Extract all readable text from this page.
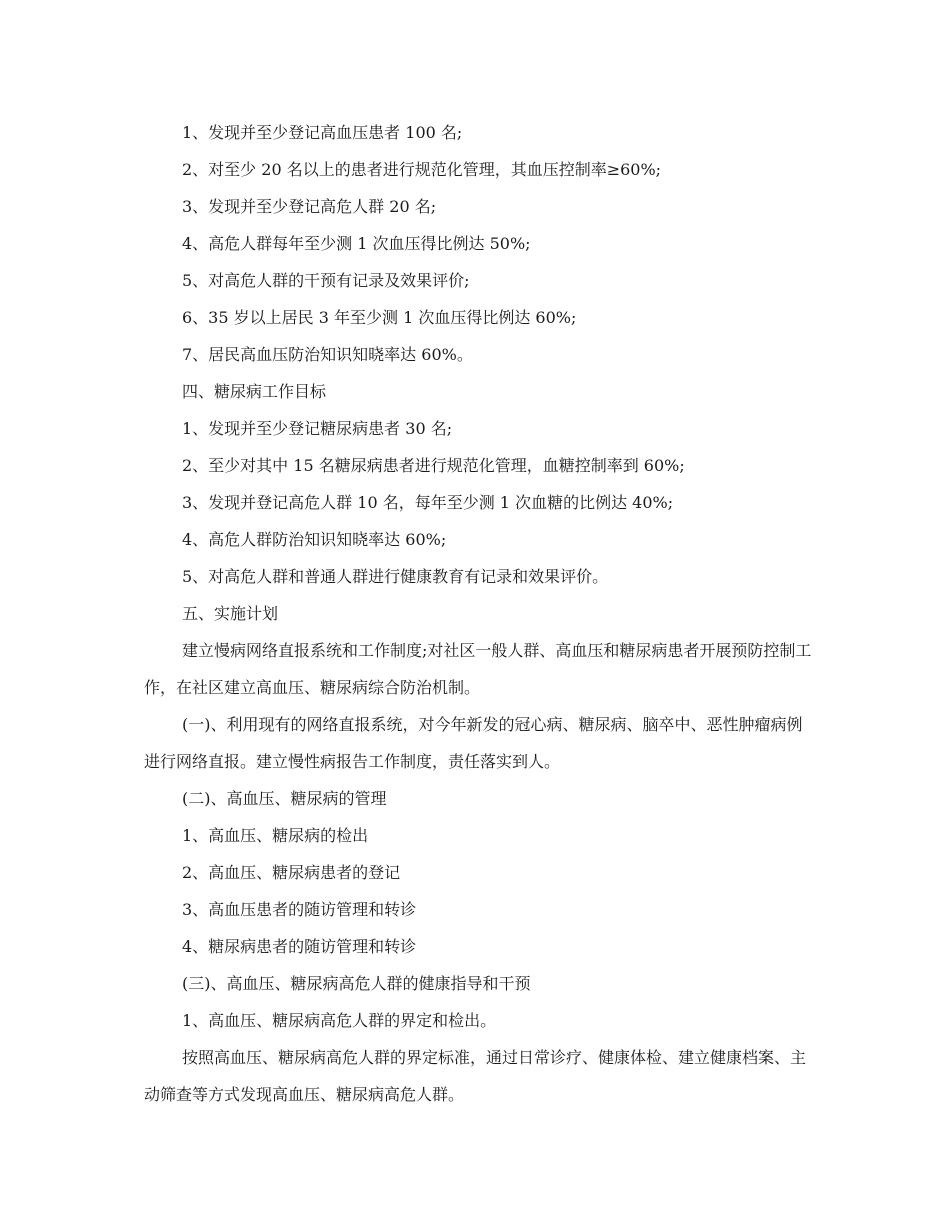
1、发现并至少登记高血压患者 100 名;

2、对至少 20 名以上的患者进行规范化管理，其血压控制率≥60%;

3、发现并至少登记高危人群 20 名;

4、高危人群每年至少测 1 次血压得比例达 50%;

5、对高危人群的干预有记录及效果评价;

6、35 岁以上居民 3 年至少测 1 次血压得比例达 60%;

7、居民高血压防治知识知晓率达 60%。

四、糖尿病工作目标

1、发现并至少登记糖尿病患者 30 名;

2、至少对其中 15 名糖尿病患者进行规范化管理，血糖控制率到 60%;

3、发现并登记高危人群 10 名，每年至少测 1 次血糖的比例达 40%;

4、高危人群防治知识知晓率达 60%;

5、对高危人群和普通人群进行健康教育有记录和效果评价。

五、实施计划

建立慢病网络直报系统和工作制度;对社区一般人群、高血压和糖尿病患者开展预防控制工作，在社区建立高血压、糖尿病综合防治机制。

(一)、利用现有的网络直报系统，对今年新发的冠心病、糖尿病、脑卒中、恶性肿瘤病例进行网络直报。建立慢性病报告工作制度，责任落实到人。

(二)、高血压、糖尿病的管理

1、高血压、糖尿病的检出

2、高血压、糖尿病患者的登记

3、高血压患者的随访管理和转诊

4、糖尿病患者的随访管理和转诊

(三)、高血压、糖尿病高危人群的健康指导和干预

1、高血压、糖尿病高危人群的界定和检出。

按照高血压、糖尿病高危人群的界定标准，通过日常诊疗、健康体检、建立健康档案、主动筛查等方式发现高血压、糖尿病高危人群。
